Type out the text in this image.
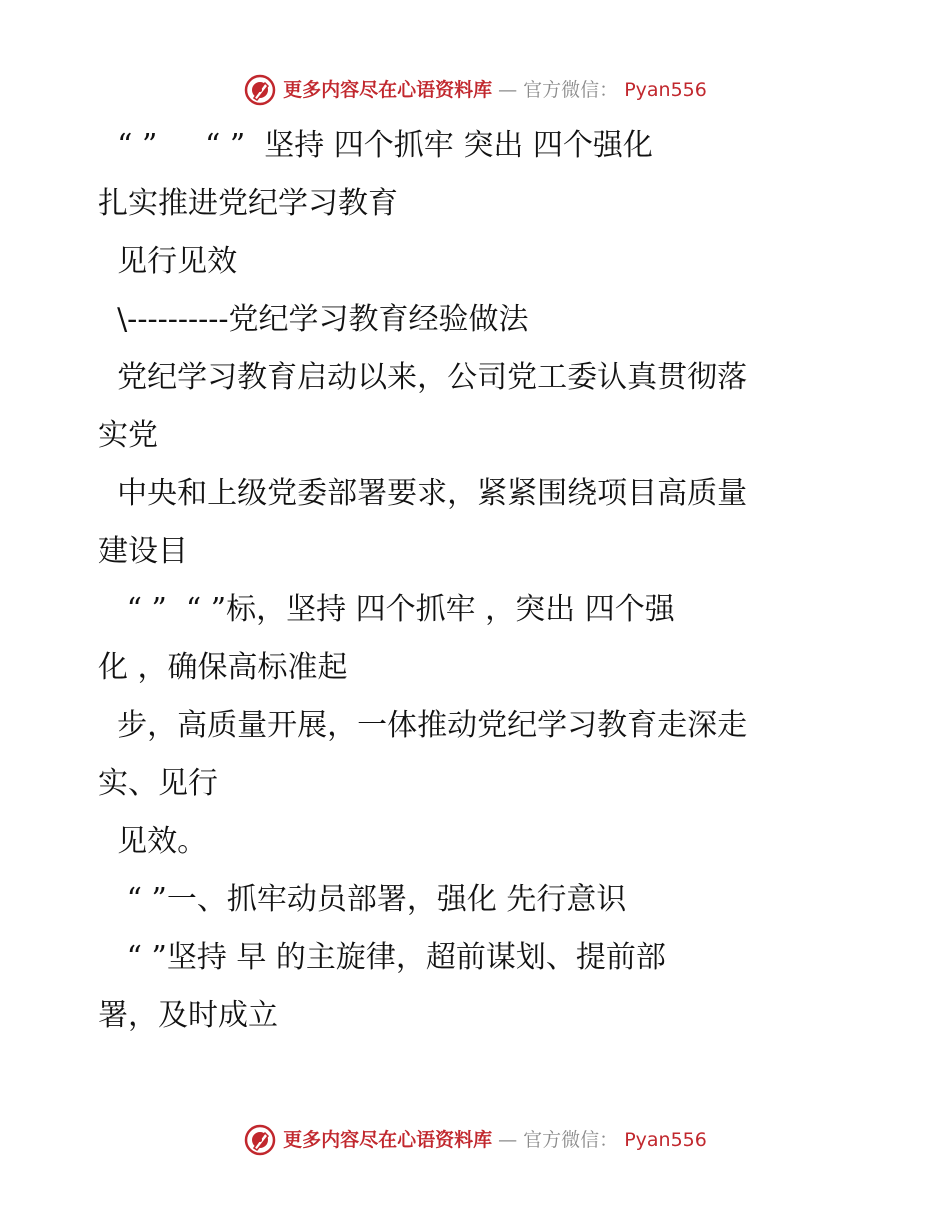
更多内容尽在心语资料库 — 官方微信： Pyan556
“ ”     “ ”  坚持 四个抓牢 突出 四个强化
扎实推进党纪学习教育
见行见效
\----------党纪学习教育经验做法
党纪学习教育启动以来，公司党工委认真贯彻落
实党
中央和上级党委部署要求，紧紧围绕项目高质量
建设目
“ ”  “ ”标，坚持 四个抓牢 ，突出 四个强
化 ，确保高标准起
步，高质量开展，一体推动党纪学习教育走深走
实、见行
见效。
“ ”一、抓牢动员部署，强化 先行意识
“ ”坚持 早 的主旋律，超前谋划、提前部
署，及时成立
更多内容尽在心语资料库 — 官方微信： Pyan556
